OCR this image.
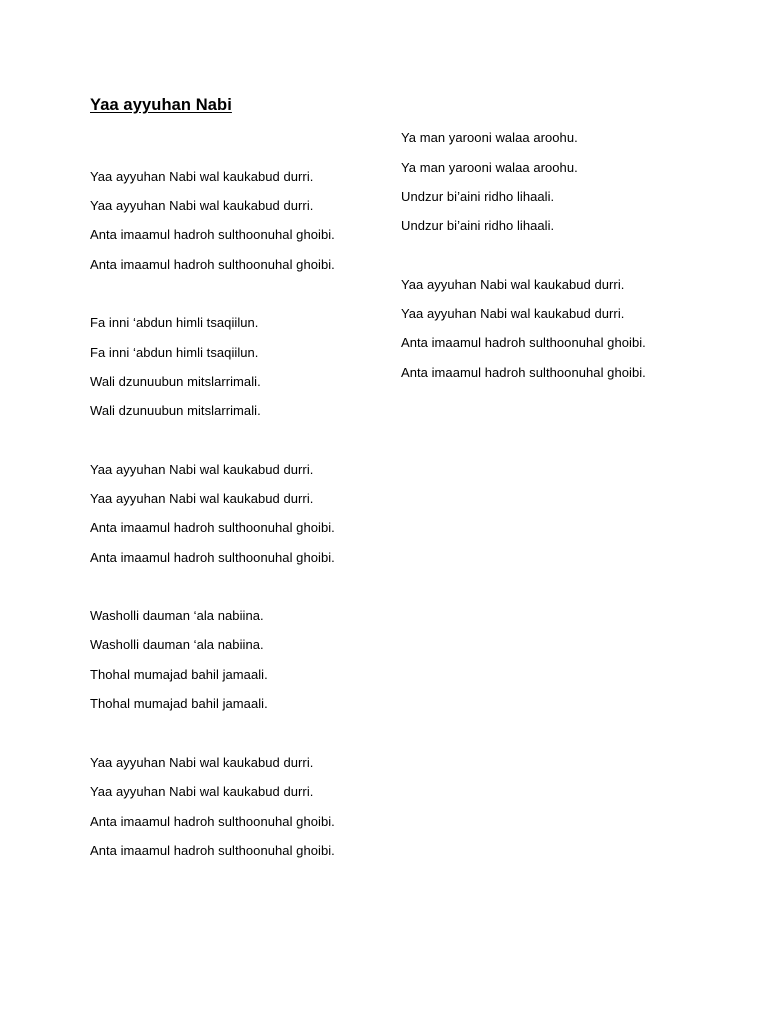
Yaa ayyuhan Nabi
Yaa ayyuhan Nabi wal kaukabud durri.
Yaa ayyuhan Nabi wal kaukabud durri.
Anta imaamul hadroh sulthoonuhal ghoibi.
Anta imaamul hadroh sulthoonuhal ghoibi.
Fa inni ‘abdun himli tsaqiilun.
Fa inni ‘abdun himli tsaqiilun.
Wali dzunuubun mitslarrimali.
Wali dzunuubun mitslarrimali.
Yaa ayyuhan Nabi wal kaukabud durri.
Yaa ayyuhan Nabi wal kaukabud durri.
Anta imaamul hadroh sulthoonuhal ghoibi.
Anta imaamul hadroh sulthoonuhal ghoibi.
Washolli dauman ‘ala nabiina.
Washolli dauman ‘ala nabiina.
Thohal mumajad bahil jamaali.
Thohal mumajad bahil jamaali.
Yaa ayyuhan Nabi wal kaukabud durri.
Yaa ayyuhan Nabi wal kaukabud durri.
Anta imaamul hadroh sulthoonuhal ghoibi.
Anta imaamul hadroh sulthoonuhal ghoibi.
Ya man yarooni walaa aroohu.
Ya man yarooni walaa aroohu.
Undzur bi’aini ridho lihaali.
Undzur bi’aini ridho lihaali.
Yaa ayyuhan Nabi wal kaukabud durri.
Yaa ayyuhan Nabi wal kaukabud durri.
Anta imaamul hadroh sulthoonuhal ghoibi.
Anta imaamul hadroh sulthoonuhal ghoibi.
